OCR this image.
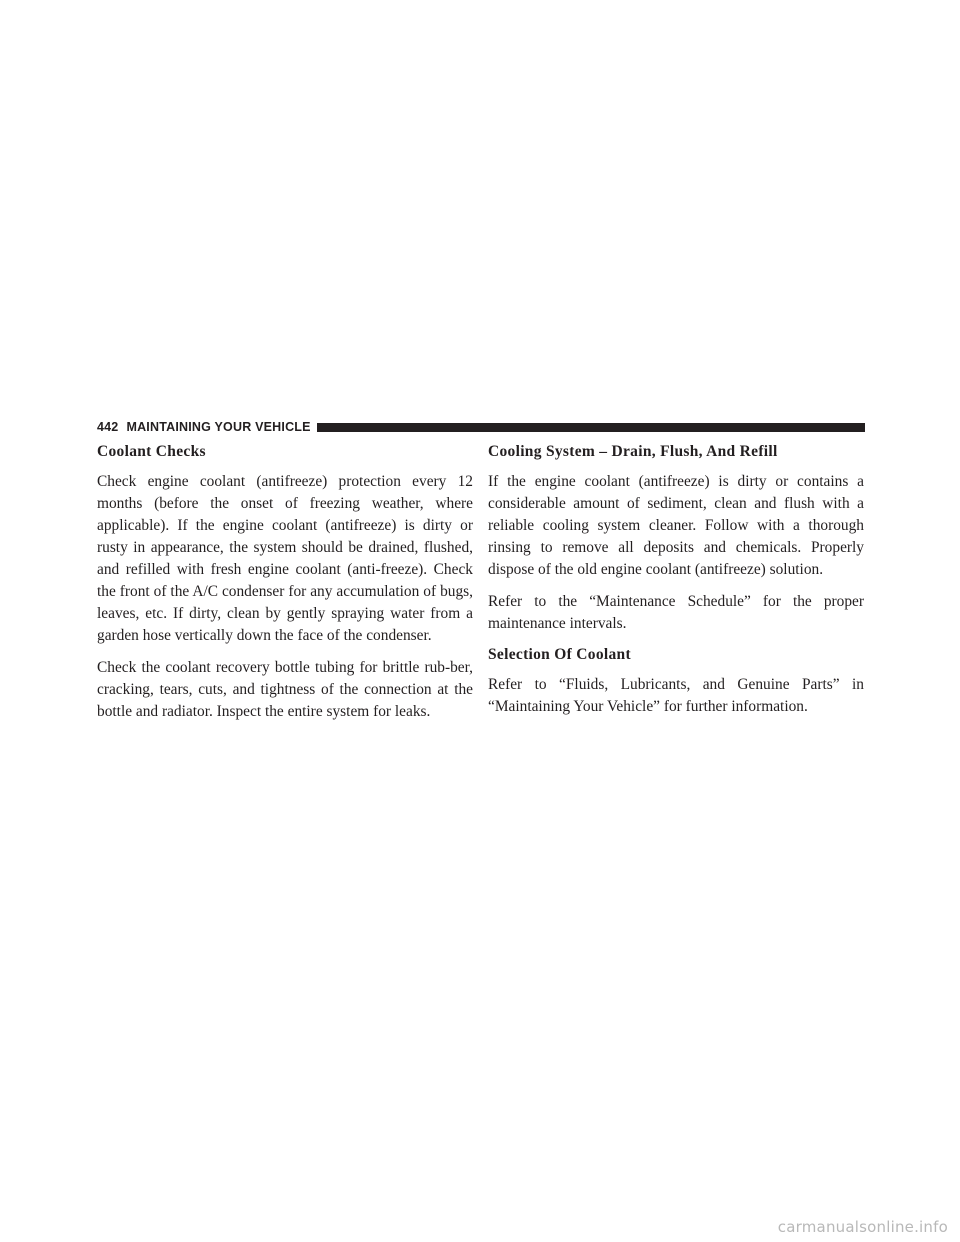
442 MAINTAINING YOUR VEHICLE
Coolant Checks

Check engine coolant (antifreeze) protection every 12 months (before the onset of freezing weather, where applicable). If the engine coolant (antifreeze) is dirty or rusty in appearance, the system should be drained, flushed, and refilled with fresh engine coolant (anti-freeze). Check the front of the A/C condenser for any accumulation of bugs, leaves, etc. If dirty, clean by gently spraying water from a garden hose vertically down the face of the condenser.

Check the coolant recovery bottle tubing for brittle rub-ber, cracking, tears, cuts, and tightness of the connection at the bottle and radiator. Inspect the entire system for leaks.

Cooling System – Drain, Flush, And Refill

If the engine coolant (antifreeze) is dirty or contains a considerable amount of sediment, clean and flush with a reliable cooling system cleaner. Follow with a thorough rinsing to remove all deposits and chemicals. Properly dispose of the old engine coolant (antifreeze) solution.

Refer to the “Maintenance Schedule” for the proper maintenance intervals.

Selection Of Coolant

Refer to “Fluids, Lubricants, and Genuine Parts” in “Maintaining Your Vehicle” for further information.

carmanualsonline.info
